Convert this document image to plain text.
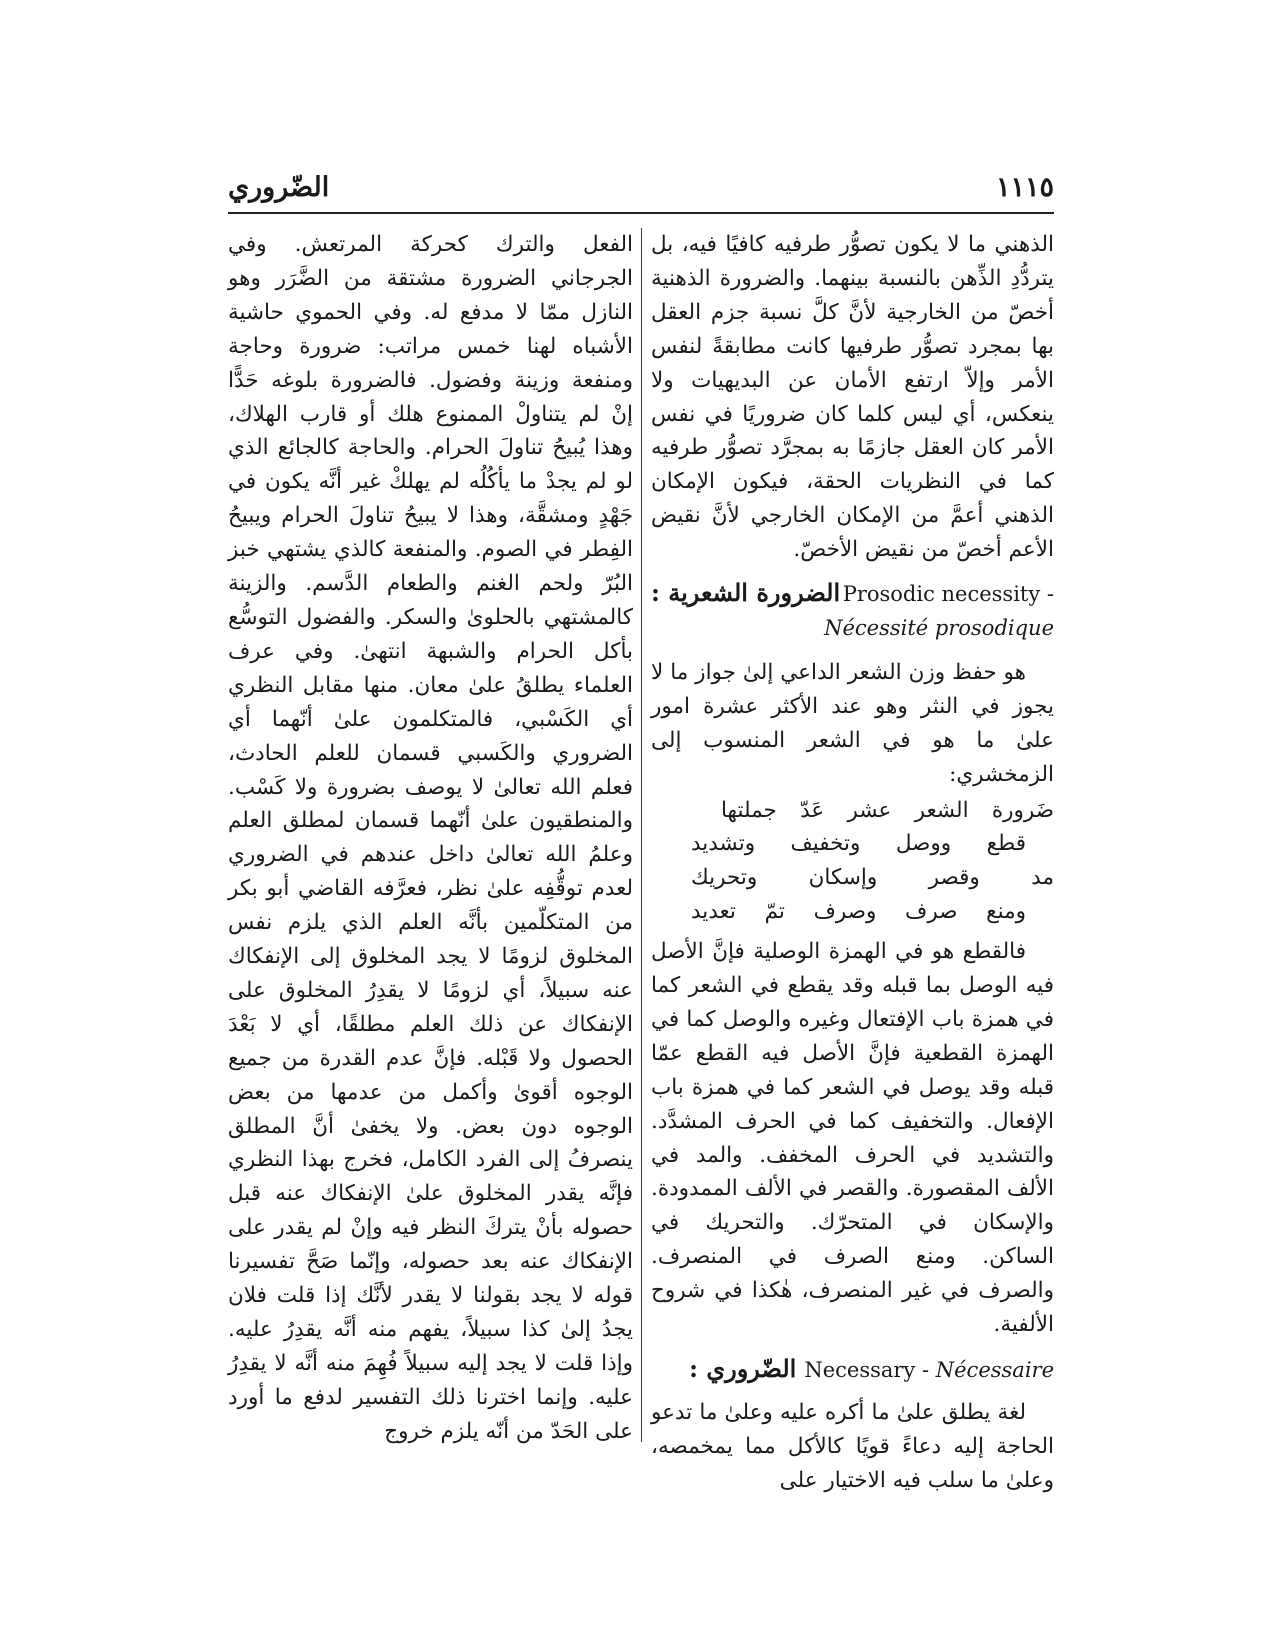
١١١٥
الضّروري

الذهني ما لا يكون تصوُّر طرفيه كافيًا فيه، بل يتردُّدِ الذِّهن بالنسبة بينهما. والضرورة الذهنية أخصّ من الخارجية لأنَّ كلَّ نسبة جزم العقل بها بمجرد تصوُّر طرفيها كانت مطابقةً لنفس الأمر وإلاّ ارتفع الأمان عن البديهيات ولا ينعكس، أي ليس كلما كان ضروريًا في نفس الأمر كان العقل جازمًا به بمجرَّد تصوُّر طرفيه كما في النظريات الحقة، فيكون الإمكان الذهني أعمَّ من الإمكان الخارجي لأنَّ نقيض الأعم أخصّ من نقيض الأخصّ.

الضرورة الشعرية : Prosodic necessity -
Nécessité prosodique

هو حفظ وزن الشعر الداعي إلىٰ جواز ما لا يجوز في النثر وهو عند الأكثر عشرة امور علىٰ ما هو في الشعر المنسوب إلى الزمخشري:

ضَرورة الشعر عشر عَدّ جملتها
قطع ووصل وتخفيف وتشديد
مد وقصر وإسكان وتحريك
ومنع صرف وصرف تمّ تعديد

فالقطع هو في الهمزة الوصلية فإنَّ الأصل فيه الوصل بما قبله وقد يقطع في الشعر كما في همزة باب الإفتعال وغيره والوصل كما في الهمزة القطعية فإنَّ الأصل فيه القطع عمّا قبله وقد يوصل في الشعر كما في همزة باب الإفعال. والتخفيف كما في الحرف المشدَّد. والتشديد في الحرف المخفف. والمد في الألف المقصورة. والقصر في الألف الممدودة. والإسكان في المتحرّك. والتحريك في الساكن. ومنع الصرف في المنصرف. والصرف في غير المنصرف، هٰكذا في شروح الألفية.

الضّروري : Necessary - Nécessaire

لغة يطلق علىٰ ما أكره عليه وعلىٰ ما تدعو الحاجة إليه دعاءً قويًا كالأكل مما يمخمصه، وعلىٰ ما سلب فيه الاختيار على

الفعل والترك كحركة المرتعش. وفي الجرجاني الضرورة مشتقة من الضَّرَر وهو النازل ممّا لا مدفع له. وفي الحموي حاشية الأشباه لهنا خمس مراتب: ضرورة وحاجة ومنفعة وزينة وفضول. فالضرورة بلوغه حَدًّا إنْ لم يتناولْ الممنوع هلك أو قارب الهلاك، وهذا يُبيحُ تناولَ الحرام. والحاجة كالجائع الذي لو لم يجدْ ما يأكُلُه لم يهلكْ غير أنَّه يكون في جَهْدٍ ومشقَّة، وهذا لا يبيحُ تناولَ الحرام ويبيحُ الفِطر في الصوم. والمنفعة كالذي يشتهي خبز البُرّ ولحم الغنم والطعام الدَّسم. والزينة كالمشتهي بالحلوىٰ والسكر. والفضول التوسُّع بأكل الحرام والشبهة انتهىٰ. وفي عرف العلماء يطلقُ علىٰ معان. منها مقابل النظري أي الكَسْبي، فالمتكلمون علىٰ أنّهما أي الضروري والكَسبي قسمان للعلم الحادث، فعلم الله تعالىٰ لا يوصف بضرورة ولا كَسْب. والمنطقيون علىٰ أنّهما قسمان لمطلق العلم وعلمُ الله تعالىٰ داخل عندهم في الضروري لعدم توقُّفِه علىٰ نظر، فعرَّفه القاضي أبو بكر من المتكلّمين بأنَّه العلم الذي يلزم نفس المخلوق لزومًا لا يجد المخلوق إلى الإنفكاك عنه سبيلاً، أي لزومًا لا يقدِرُ المخلوق على الإنفكاك عن ذلك العلم مطلقًا، أي لا بَعْدَ الحصول ولا قَبْله. فإنَّ عدم القدرة من جميع الوجوه أقوىٰ وأكمل من عدمها من بعض الوجوه دون بعض. ولا يخفىٰ أنَّ المطلق ينصرفُ إلى الفرد الكامل، فخرج بهذا النظري فإنَّه يقدر المخلوق علىٰ الإنفكاك عنه قبل حصوله بأنْ يتركَ النظر فيه وإنْ لم يقدر على الإنفكاك عنه بعد حصوله، وإنّما صَحَّ تفسيرنا قوله لا يجد بقولنا لا يقدر لأنَّك إذا قلت فلان يجدُ إلىٰ كذا سبيلاً، يفهم منه أنَّه يقدِرُ عليه. وإذا قلت لا يجد إليه سبيلاً فُهِمَ منه أنَّه لا يقدِرُ عليه. وإنما اخترنا ذلك التفسير لدفع ما أورد على الحَدّ من أنّه يلزم خروج
